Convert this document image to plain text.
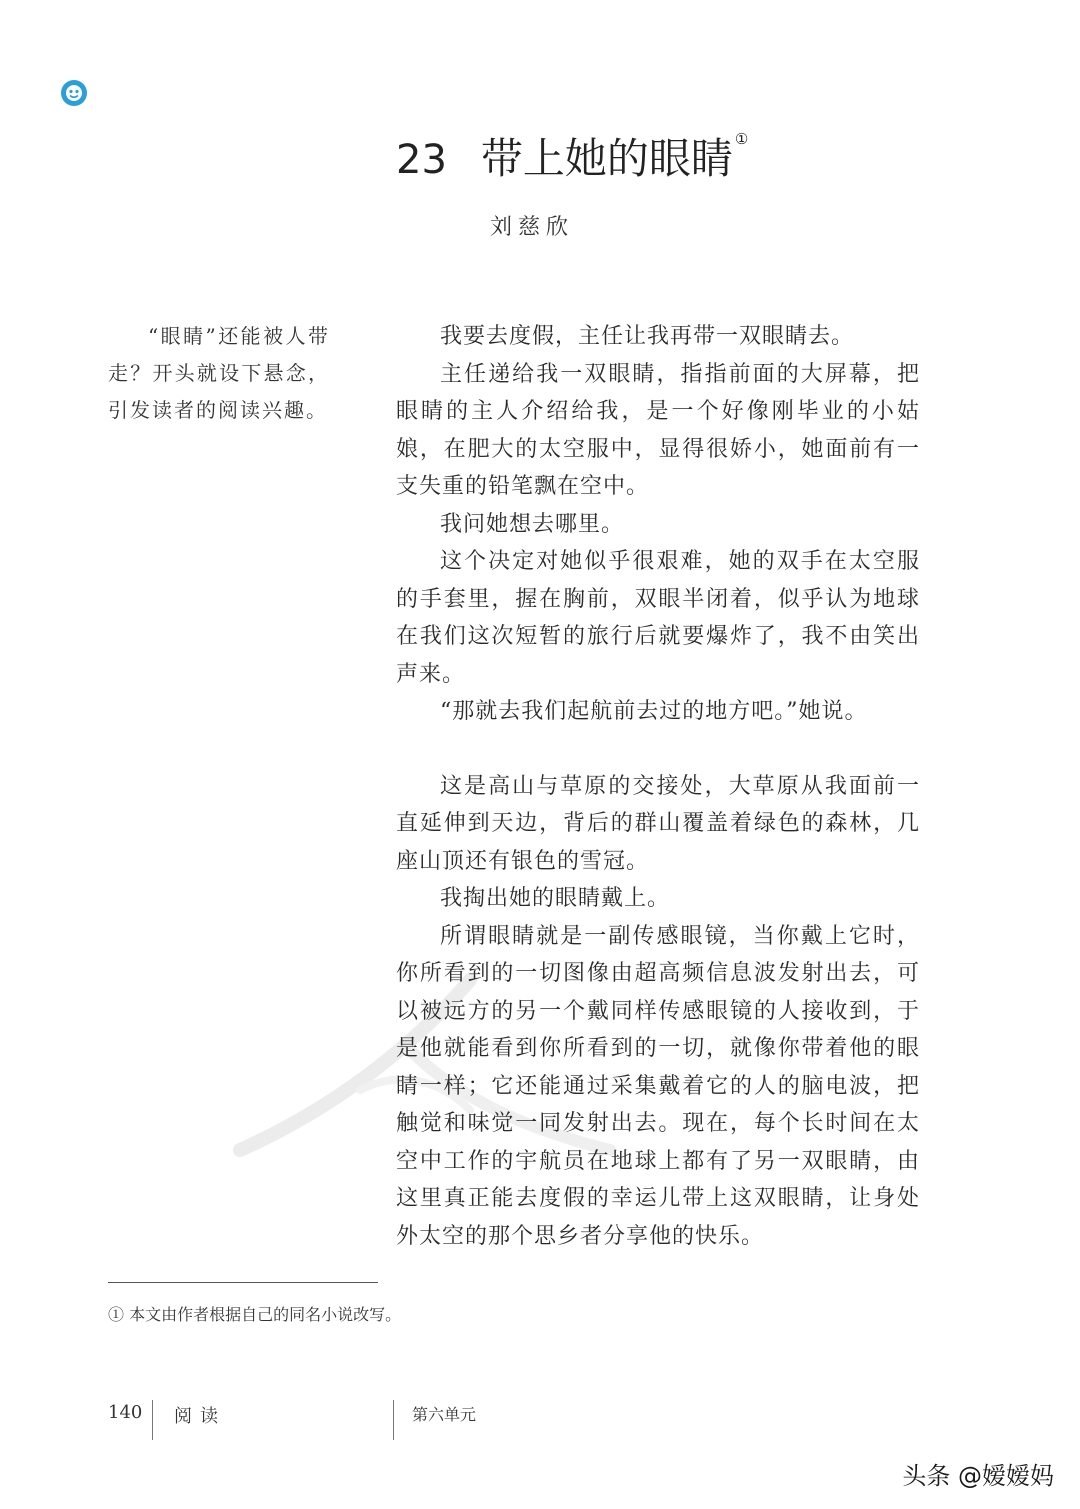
23 带上她的眼睛 ①
刘慈欣
“眼睛”还能被人带走？开头就设下悬念，引发读者的阅读兴趣。

我要去度假，主任让我再带一双眼睛去。

主任递给我一双眼睛，指指前面的大屏幕，把眼睛的主人介绍给我，是一个好像刚毕业的小姑娘，在肥大的太空服中，显得很娇小，她面前有一支失重的铅笔飘在空中。

我问她想去哪里。

这个决定对她似乎很艰难，她的双手在太空服的手套里，握在胸前，双眼半闭着，似乎认为地球在我们这次短暂的旅行后就要爆炸了，我不由笑出声来。

“那就去我们起航前去过的地方吧。”她说。

这是高山与草原的交接处，大草原从我面前一直延伸到天边，背后的群山覆盖着绿色的森林，几座山顶还有银色的雪冠。

我掏出她的眼睛戴上。

所谓眼睛就是一副传感眼镜，当你戴上它时，你所看到的一切图像由超高频信息波发射出去，可以被远方的另一个戴同样传感眼镜的人接收到，于是他就能看到你所看到的一切，就像你带着他的眼睛一样；它还能通过采集戴着它的人的脑电波，把触觉和味觉一同发射出去。现在，每个长时间在太空中工作的宇航员在地球上都有了另一双眼睛，由这里真正能去度假的幸运儿带上这双眼睛，让身处外太空的那个思乡者分享他的快乐。

① 本文由作者根据自己的同名小说改写。
140 阅读	第六单元
头条 @嫒嫒妈
